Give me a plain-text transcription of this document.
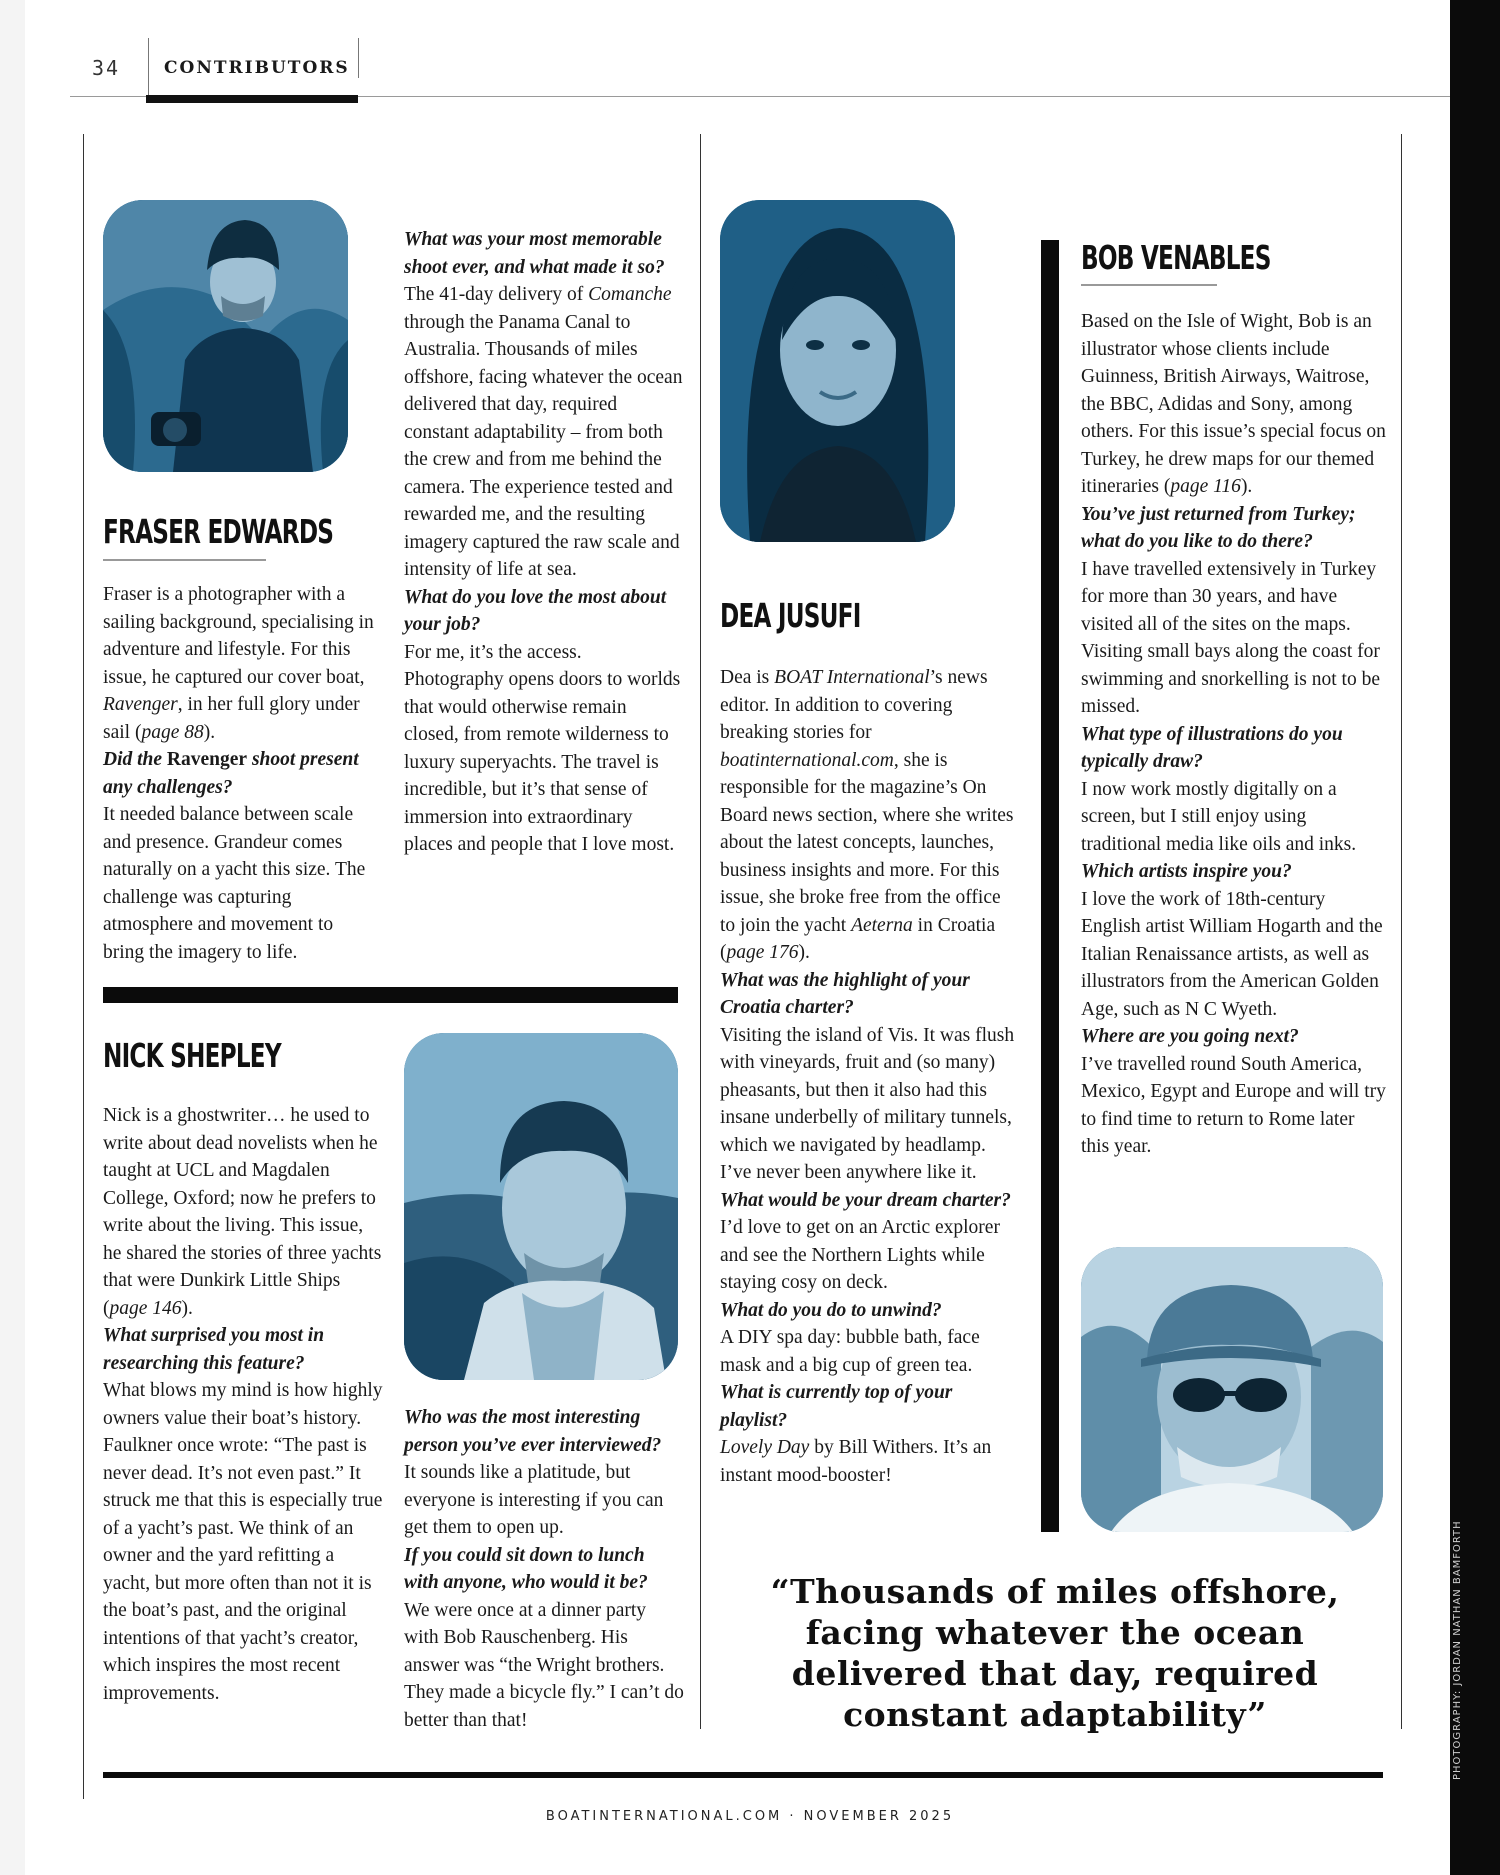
34	CONTRIBUTORS
FRASER EDWARDS

Fraser is a photographer with a sailing background, specialising in adventure and lifestyle. For this issue, he captured our cover boat, Ravenger, in her full glory under sail (page 88).

Did the Ravenger shoot present any challenges?

It needed balance between scale and presence. Grandeur comes naturally on a yacht this size. The challenge was capturing atmosphere and movement to bring the imagery to life.

What was your most memorable shoot ever, and what made it so?

The 41-day delivery of Comanche through the Panama Canal to Australia. Thousands of miles offshore, facing whatever the ocean delivered that day, required constant adaptability – from both the crew and from me behind the camera. The experience tested and rewarded me, and the resulting imagery captured the raw scale and intensity of life at sea.

What do you love the most about your job?

For me, it’s the access. Photography opens doors to worlds that would otherwise remain closed, from remote wilderness to luxury superyachts. The travel is incredible, but it’s that sense of immersion into extraordinary places and people that I love most.

NICK SHEPLEY

Nick is a ghostwriter… he used to write about dead novelists when he taught at UCL and Magdalen College, Oxford; now he prefers to write about the living. This issue, he shared the stories of three yachts that were Dunkirk Little Ships (page 146).

What surprised you most in researching this feature?

What blows my mind is how highly owners value their boat’s history. Faulkner once wrote: “The past is never dead. It’s not even past.” It struck me that this is especially true of a yacht’s past. We think of an owner and the yard refitting a yacht, but more often than not it is the boat’s past, and the original intentions of that yacht’s creator, which inspires the most recent improvements.

Who was the most interesting person you’ve ever interviewed?

It sounds like a platitude, but everyone is interesting if you can get them to open up.

If you could sit down to lunch with anyone, who would it be?

We were once at a dinner party with Bob Rauschenberg. His answer was “the Wright brothers. They made a bicycle fly.” I can’t do better than that!

DEA JUSUFI

Dea is BOAT International’s news editor. In addition to covering breaking stories for boatinternational.com, she is responsible for the magazine’s On Board news section, where she writes about the latest concepts, launches, business insights and more. For this issue, she broke free from the office to join the yacht Aeterna in Croatia (page 176).

What was the highlight of your Croatia charter?

Visiting the island of Vis. It was flush with vineyards, fruit and (so many) pheasants, but then it also had this insane underbelly of military tunnels, which we navigated by headlamp. I’ve never been anywhere like it.

What would be your dream charter?

I’d love to get on an Arctic explorer and see the Northern Lights while staying cosy on deck.

What do you do to unwind?

A DIY spa day: bubble bath, face mask and a big cup of green tea.

What is currently top of your playlist?

Lovely Day by Bill Withers. It’s an instant mood-booster!

BOB VENABLES

Based on the Isle of Wight, Bob is an illustrator whose clients include Guinness, British Airways, Waitrose, the BBC, Adidas and Sony, among others. For this issue’s special focus on Turkey, he drew maps for our themed itineraries (page 116).

You’ve just returned from Turkey; what do you like to do there?

I have travelled extensively in Turkey for more than 30 years, and have visited all of the sites on the maps. Visiting small bays along the coast for swimming and snorkelling is not to be missed.

What type of illustrations do you typically draw?

I now work mostly digitally on a screen, but I still enjoy using traditional media like oils and inks.

Which artists inspire you?

I love the work of 18th-century English artist William Hogarth and the Italian Renaissance artists, as well as illustrators from the American Golden Age, such as N C Wyeth.

Where are you going next?

I’ve travelled round South America, Mexico, Egypt and Europe and will try to find time to return to Rome later this year.

“Thousands of miles offshore, facing whatever the ocean delivered that day, required constant adaptability”
BOATINTERNATIONAL.COM · NOVEMBER 2025
PHOTOGRAPHY: JORDAN NATHAN BAMFORTH
